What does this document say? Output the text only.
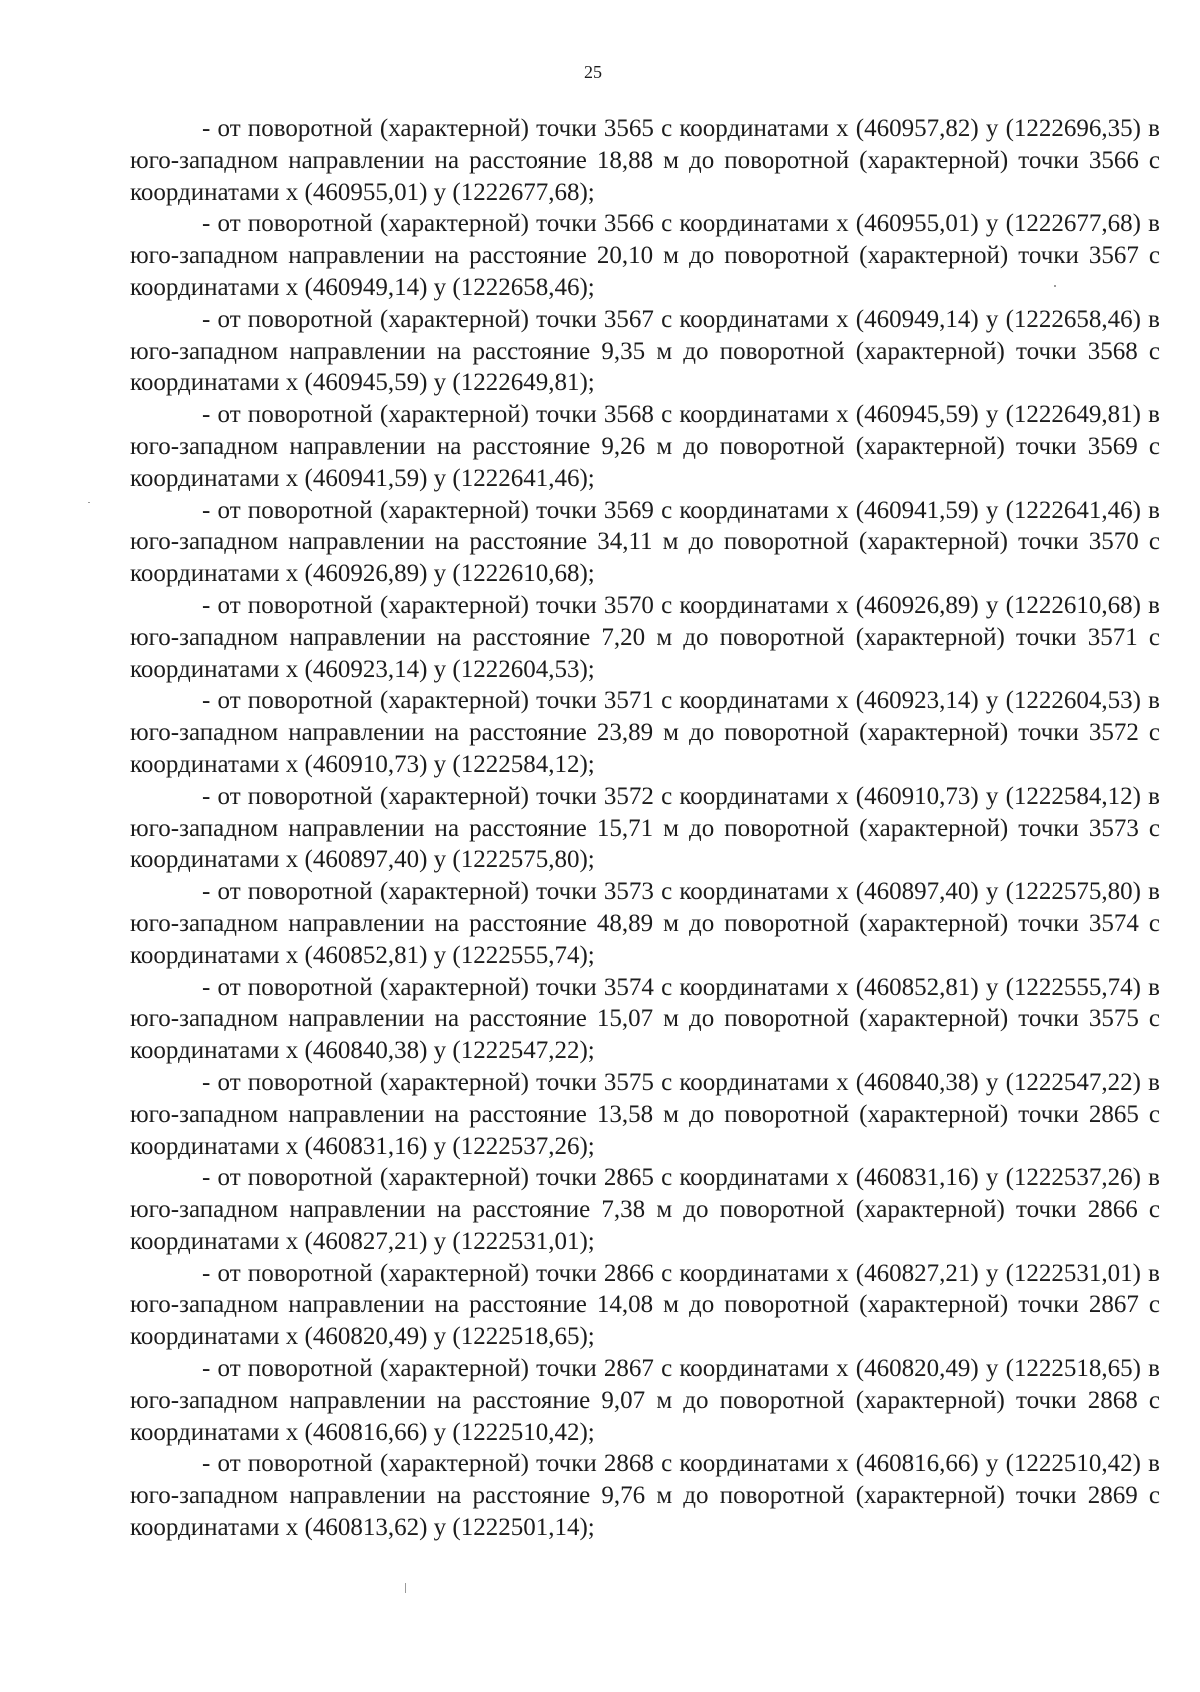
25

- от поворотной (характерной) точки 3565 с координатами x (460957,82) y (1222696,35) в юго-западном направлении на расстояние 18,88 м до поворотной (характерной) точки 3566 с координатами x (460955,01) y (1222677,68);

- от поворотной (характерной) точки 3566 с координатами x (460955,01) y (1222677,68) в юго-западном направлении на расстояние 20,10 м до поворотной (характерной) точки 3567 с координатами x (460949,14) y (1222658,46);

- от поворотной (характерной) точки 3567 с координатами x (460949,14) y (1222658,46) в юго-западном направлении на расстояние 9,35 м до поворотной (характерной) точки 3568 с координатами x (460945,59) y (1222649,81);

- от поворотной (характерной) точки 3568 с координатами x (460945,59) y (1222649,81) в юго-западном направлении на расстояние 9,26 м до поворотной (характерной) точки 3569 с координатами x (460941,59) y (1222641,46);

- от поворотной (характерной) точки 3569 с координатами x (460941,59) y (1222641,46) в юго-западном направлении на расстояние 34,11 м до поворотной (характерной) точки 3570 с координатами x (460926,89) y (1222610,68);

- от поворотной (характерной) точки 3570 с координатами x (460926,89) y (1222610,68) в юго-западном направлении на расстояние 7,20 м до поворотной (характерной) точки 3571 с координатами x (460923,14) y (1222604,53);

- от поворотной (характерной) точки 3571 с координатами x (460923,14) y (1222604,53) в юго-западном направлении на расстояние 23,89 м до поворотной (характерной) точки 3572 с координатами x (460910,73) y (1222584,12);

- от поворотной (характерной) точки 3572 с координатами x (460910,73) y (1222584,12) в юго-западном направлении на расстояние 15,71 м до поворотной (характерной) точки 3573 с координатами x (460897,40) y (1222575,80);

- от поворотной (характерной) точки 3573 с координатами x (460897,40) y (1222575,80) в юго-западном направлении на расстояние 48,89 м до поворотной (характерной) точки 3574 с координатами x (460852,81) y (1222555,74);

- от поворотной (характерной) точки 3574 с координатами x (460852,81) y (1222555,74) в юго-западном направлении на расстояние 15,07 м до поворотной (характерной) точки 3575 с координатами x (460840,38) y (1222547,22);

- от поворотной (характерной) точки 3575 с координатами x (460840,38) y (1222547,22) в юго-западном направлении на расстояние 13,58 м до поворотной (характерной) точки 2865 с координатами x (460831,16) y (1222537,26);

- от поворотной (характерной) точки 2865 с координатами x (460831,16) y (1222537,26) в юго-западном направлении на расстояние 7,38 м до поворотной (характерной) точки 2866 с координатами x (460827,21) y (1222531,01);

- от поворотной (характерной) точки 2866 с координатами x (460827,21) y (1222531,01) в юго-западном направлении на расстояние 14,08 м до поворотной (характерной) точки 2867 с координатами x (460820,49) y (1222518,65);

- от поворотной (характерной) точки 2867 с координатами x (460820,49) y (1222518,65) в юго-западном направлении на расстояние 9,07 м до поворотной (характерной) точки 2868 с координатами x (460816,66) y (1222510,42);

- от поворотной (характерной) точки 2868 с координатами x (460816,66) y (1222510,42) в юго-западном направлении на расстояние 9,76 м до поворотной (характерной) точки 2869 с координатами x (460813,62) y (1222501,14);
